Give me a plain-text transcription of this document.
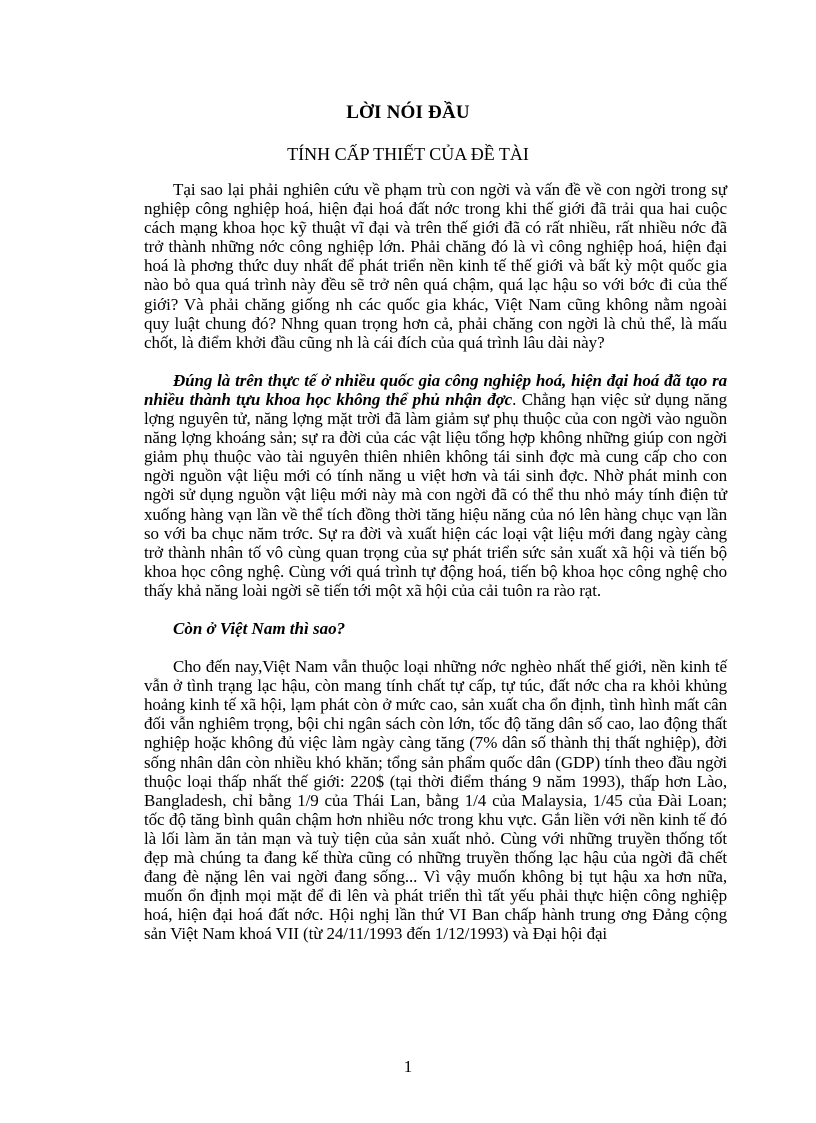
LỜI NÓI ĐẦU
TÍNH CẤP THIẾT CỦA ĐỀ TÀI

Tại sao lại phải nghiên cứu về phạm trù con ngời và vấn đề về con ngời trong sự nghiệp công nghiệp hoá, hiện đại hoá đất nớc trong khi thế giới đã trải qua hai cuộc cách mạng khoa học kỹ thuật vĩ đại và trên thế giới đã có rất nhiều, rất nhiều nớc đã trở thành những nớc công nghiệp lớn. Phải chăng đó là vì công nghiệp hoá, hiện đại hoá là phơng thức duy nhất để phát triển nền kinh tế thế giới và bất kỳ một quốc gia nào bỏ qua quá trình này đều sẽ trở nên quá chậm, quá lạc hậu so với bớc đi của thế giới? Và phải chăng giống nh các quốc gia khác, Việt Nam cũng không nằm ngoài quy luật chung đó? Nhng quan trọng hơn cả, phải chăng con ngời là chủ thể, là mấu chốt, là điểm khởi đầu cũng nh là cái đích của quá trình lâu dài này?

Đúng là trên thực tế ở nhiều quốc gia công nghiệp hoá, hiện đại hoá đã tạo ra nhiều thành tựu khoa học không thể phủ nhận đợc. Chẳng hạn việc sử dụng năng lợng nguyên tử, năng lợng mặt trời đã làm giảm sự phụ thuộc của con ngời vào nguồn năng lợng khoáng sản; sự ra đời của các vật liệu tổng hợp không những giúp con ngời giảm phụ thuộc vào tài nguyên thiên nhiên không tái sinh đợc mà cung cấp cho con ngời nguồn vật liệu mới có tính năng u việt hơn và tái sinh đợc. Nhờ phát minh con ngời sử dụng nguồn vật liệu mới này mà con ngời đã có thể thu nhỏ máy tính điện tử xuống hàng vạn lần về thể tích đồng thời tăng hiệu năng của nó lên hàng chục vạn lần so với ba chục năm trớc. Sự ra đời và xuất hiện các loại vật liệu mới đang ngày càng trở thành nhân tố vô cùng quan trọng của sự phát triển sức sản xuất xã hội và tiến bộ khoa học công nghệ. Cùng với quá trình tự động hoá, tiến bộ khoa học công nghệ cho thấy khả năng loài ngời sẽ tiến tới một xã hội của cải tuôn ra rào rạt.

Còn ở Việt Nam thì sao?

Cho đến nay,Việt Nam vẫn thuộc loại những nớc nghèo nhất thế giới, nền kinh tế vẫn ở tình trạng lạc hậu, còn mang tính chất tự cấp, tự túc, đất nớc cha ra khỏi khủng hoảng kinh tế xã hội, lạm phát còn ở mức cao, sản xuất cha ổn định, tình hình mất cân đối vẫn nghiêm trọng, bội chi ngân sách còn lớn, tốc độ tăng dân số cao, lao động thất nghiệp hoặc không đủ việc làm ngày càng tăng (7% dân số thành thị thất nghiệp), đời sống nhân dân còn nhiều khó khăn; tổng sản phẩm quốc dân (GDP) tính theo đầu ngời thuộc loại thấp nhất thế giới: 220$ (tại thời điểm tháng 9 năm 1993), thấp hơn Lào, Bangladesh, chỉ bằng 1/9 của Thái Lan, bằng 1/4 của Malaysia, 1/45 của Đài Loan; tốc độ tăng bình quân chậm hơn nhiều nớc trong khu vực. Gắn liền với nền kinh tế đó là lối làm ăn tản mạn và tuỳ tiện của sản xuất nhỏ. Cùng với những truyền thống tốt đẹp mà chúng ta đang kế thừa cũng có những truyền thống lạc hậu của ngời đã chết đang đè nặng lên vai ngời đang sống... Vì vậy muốn không bị tụt hậu xa hơn nữa, muốn ổn định mọi mặt để đi lên và phát triển thì tất yếu phải thực hiện công nghiệp hoá, hiện đại hoá đất nớc. Hội nghị lần thứ VI Ban chấp hành trung ơng Đảng cộng sản Việt Nam khoá VII (từ 24/11/1993 đến 1/12/1993) và Đại hội đại

1
